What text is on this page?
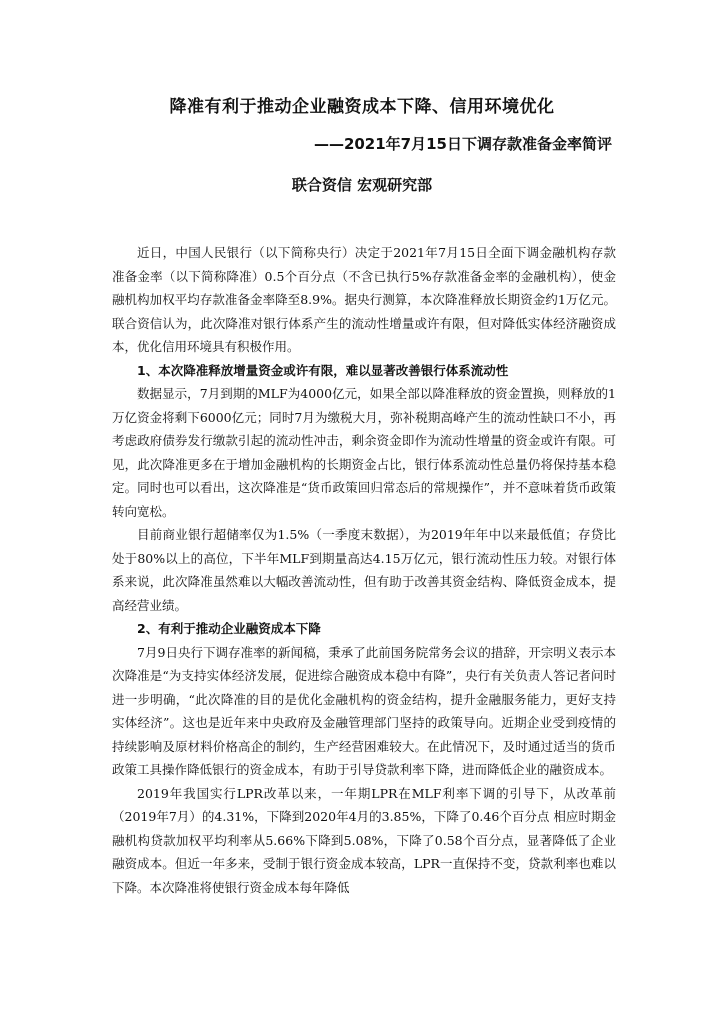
降准有利于推动企业融资成本下降、信用环境优化
——2021年7月15日下调存款准备金率简评
联合资信 宏观研究部

近日，中国人民银行（以下简称央行）决定于2021年7月15日全面下调金融机构存款准备金率（以下简称降准）0.5个百分点（不含已执行5%存款准备金率的金融机构），使金融机构加权平均存款准备金率降至8.9%。据央行测算，本次降准释放长期资金约1万亿元。联合资信认为，此次降准对银行体系产生的流动性增量或许有限，但对降低实体经济融资成本，优化信用环境具有积极作用。

1、本次降准释放增量资金或许有限，难以显著改善银行体系流动性

数据显示，7月到期的MLF为4000亿元，如果全部以降准释放的资金置换，则释放的1万亿资金将剩下6000亿元；同时7月为缴税大月，弥补税期高峰产生的流动性缺口不小，再考虑政府债券发行缴款引起的流动性冲击，剩余资金即作为流动性增量的资金或许有限。可见，此次降准更多在于增加金融机构的长期资金占比，银行体系流动性总量仍将保持基本稳定。同时也可以看出，这次降准是“货币政策回归常态后的常规操作”，并不意味着货币政策转向宽松。

目前商业银行超储率仅为1.5%（一季度末数据），为2019年年中以来最低值；存贷比处于80%以上的高位，下半年MLF到期量高达4.15万亿元，银行流动性压力较。对银行体系来说，此次降准虽然难以大幅改善流动性，但有助于改善其资金结构、降低资金成本，提高经营业绩。

2、有利于推动企业融资成本下降

7月9日央行下调存准率的新闻稿，秉承了此前国务院常务会议的措辞，开宗明义表示本次降准是“为支持实体经济发展，促进综合融资成本稳中有降”，央行有关负责人答记者问时进一步明确，“此次降准的目的是优化金融机构的资金结构，提升金融服务能力，更好支持实体经济”。这也是近年来中央政府及金融管理部门坚持的政策导向。近期企业受到疫情的持续影响及原材料价格高企的制约，生产经营困难较大。在此情况下，及时通过适当的货币政策工具操作降低银行的资金成本，有助于引导贷款利率下降，进而降低企业的融资成本。

2019年我国实行LPR改革以来，一年期LPR在MLF利率下调的引导下，从改革前（2019年7月）的4.31%，下降到2020年4月的3.85%，下降了0.46个百分点 相应时期金融机构贷款加权平均利率从5.66%下降到5.08%，下降了0.58个百分点，显著降低了企业融资成本。但近一年多来，受制于银行资金成本较高，LPR一直保持不变，贷款利率也难以下降。本次降准将使银行资金成本每年降低
